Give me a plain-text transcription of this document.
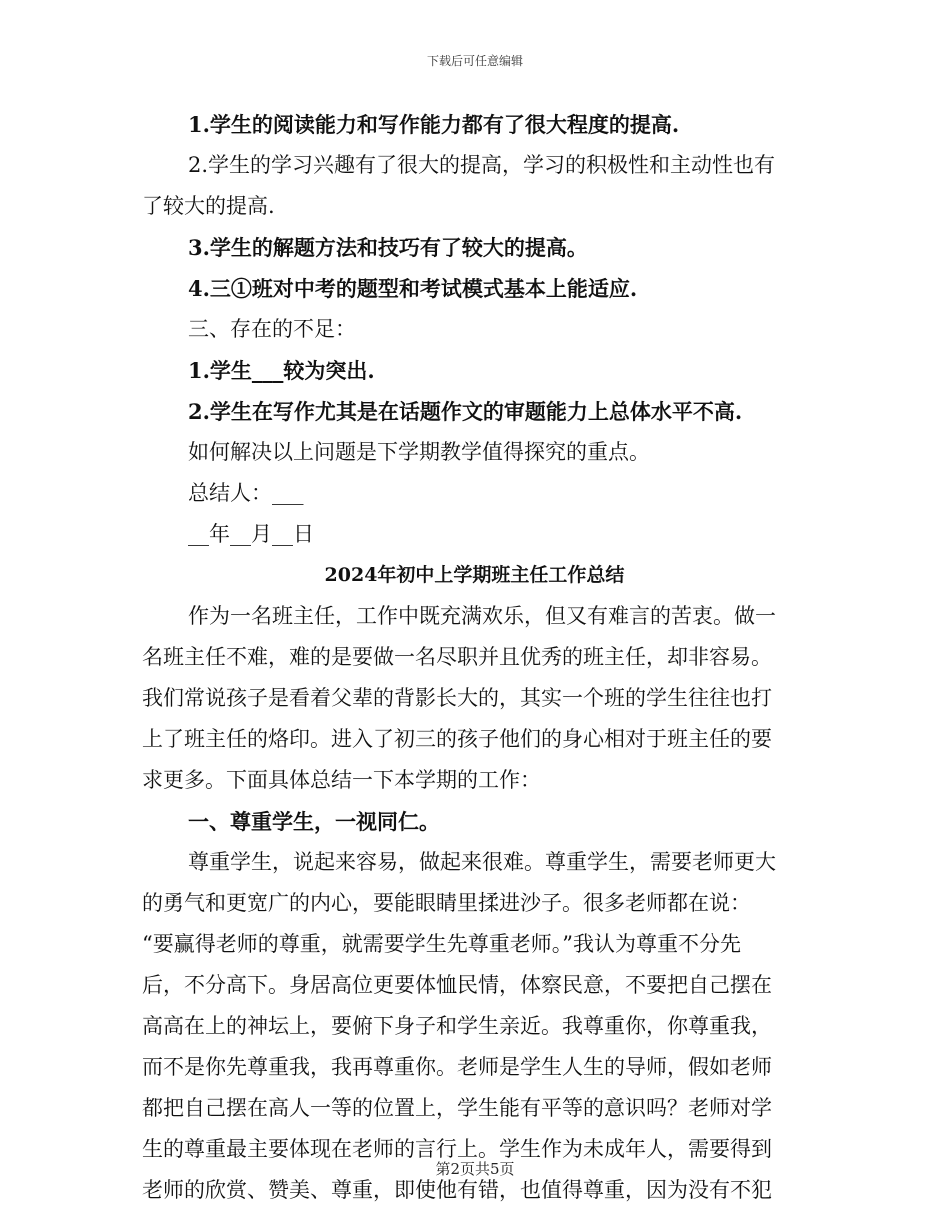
下载后可任意编辑
1.学生的阅读能力和写作能力都有了很大程度的提高.
2.学生的学习兴趣有了很大的提高，学习的积极性和主动性也有
了较大的提高.
3.学生的解题方法和技巧有了较大的提高。
4.三①班对中考的题型和考试模式基本上能适应.
三、存在的不足：
1.学生___较为突出.
2.学生在写作尤其是在话题作文的审题能力上总体水平不高.
如何解决以上问题是下学期教学值得探究的重点。
总结人：___
__年__月__日
2024年初中上学期班主任工作总结
作为一名班主任，工作中既充满欢乐，但又有难言的苦衷。做一
名班主任不难，难的是要做一名尽职并且优秀的班主任，却非容易。
我们常说孩子是看着父辈的背影长大的，其实一个班的学生往往也打
上了班主任的烙印。进入了初三的孩子他们的身心相对于班主任的要
求更多。下面具体总结一下本学期的工作：
一、尊重学生，一视同仁。
尊重学生，说起来容易，做起来很难。尊重学生，需要老师更大
的勇气和更宽广的内心，要能眼睛里揉进沙子。很多老师都在说：
“要赢得老师的尊重，就需要学生先尊重老师。”我认为尊重不分先
后，不分高下。身居高位更要体恤民情，体察民意，不要把自己摆在
高高在上的神坛上，要俯下身子和学生亲近。我尊重你，你尊重我，
而不是你先尊重我，我再尊重你。老师是学生人生的导师，假如老师
都把自己摆在高人一等的位置上，学生能有平等的意识吗？老师对学
生的尊重最主要体现在老师的言行上。学生作为未成年人，需要得到
老师的欣赏、赞美、尊重，即使他有错，也值得尊重，因为没有不犯
第2页共5页
